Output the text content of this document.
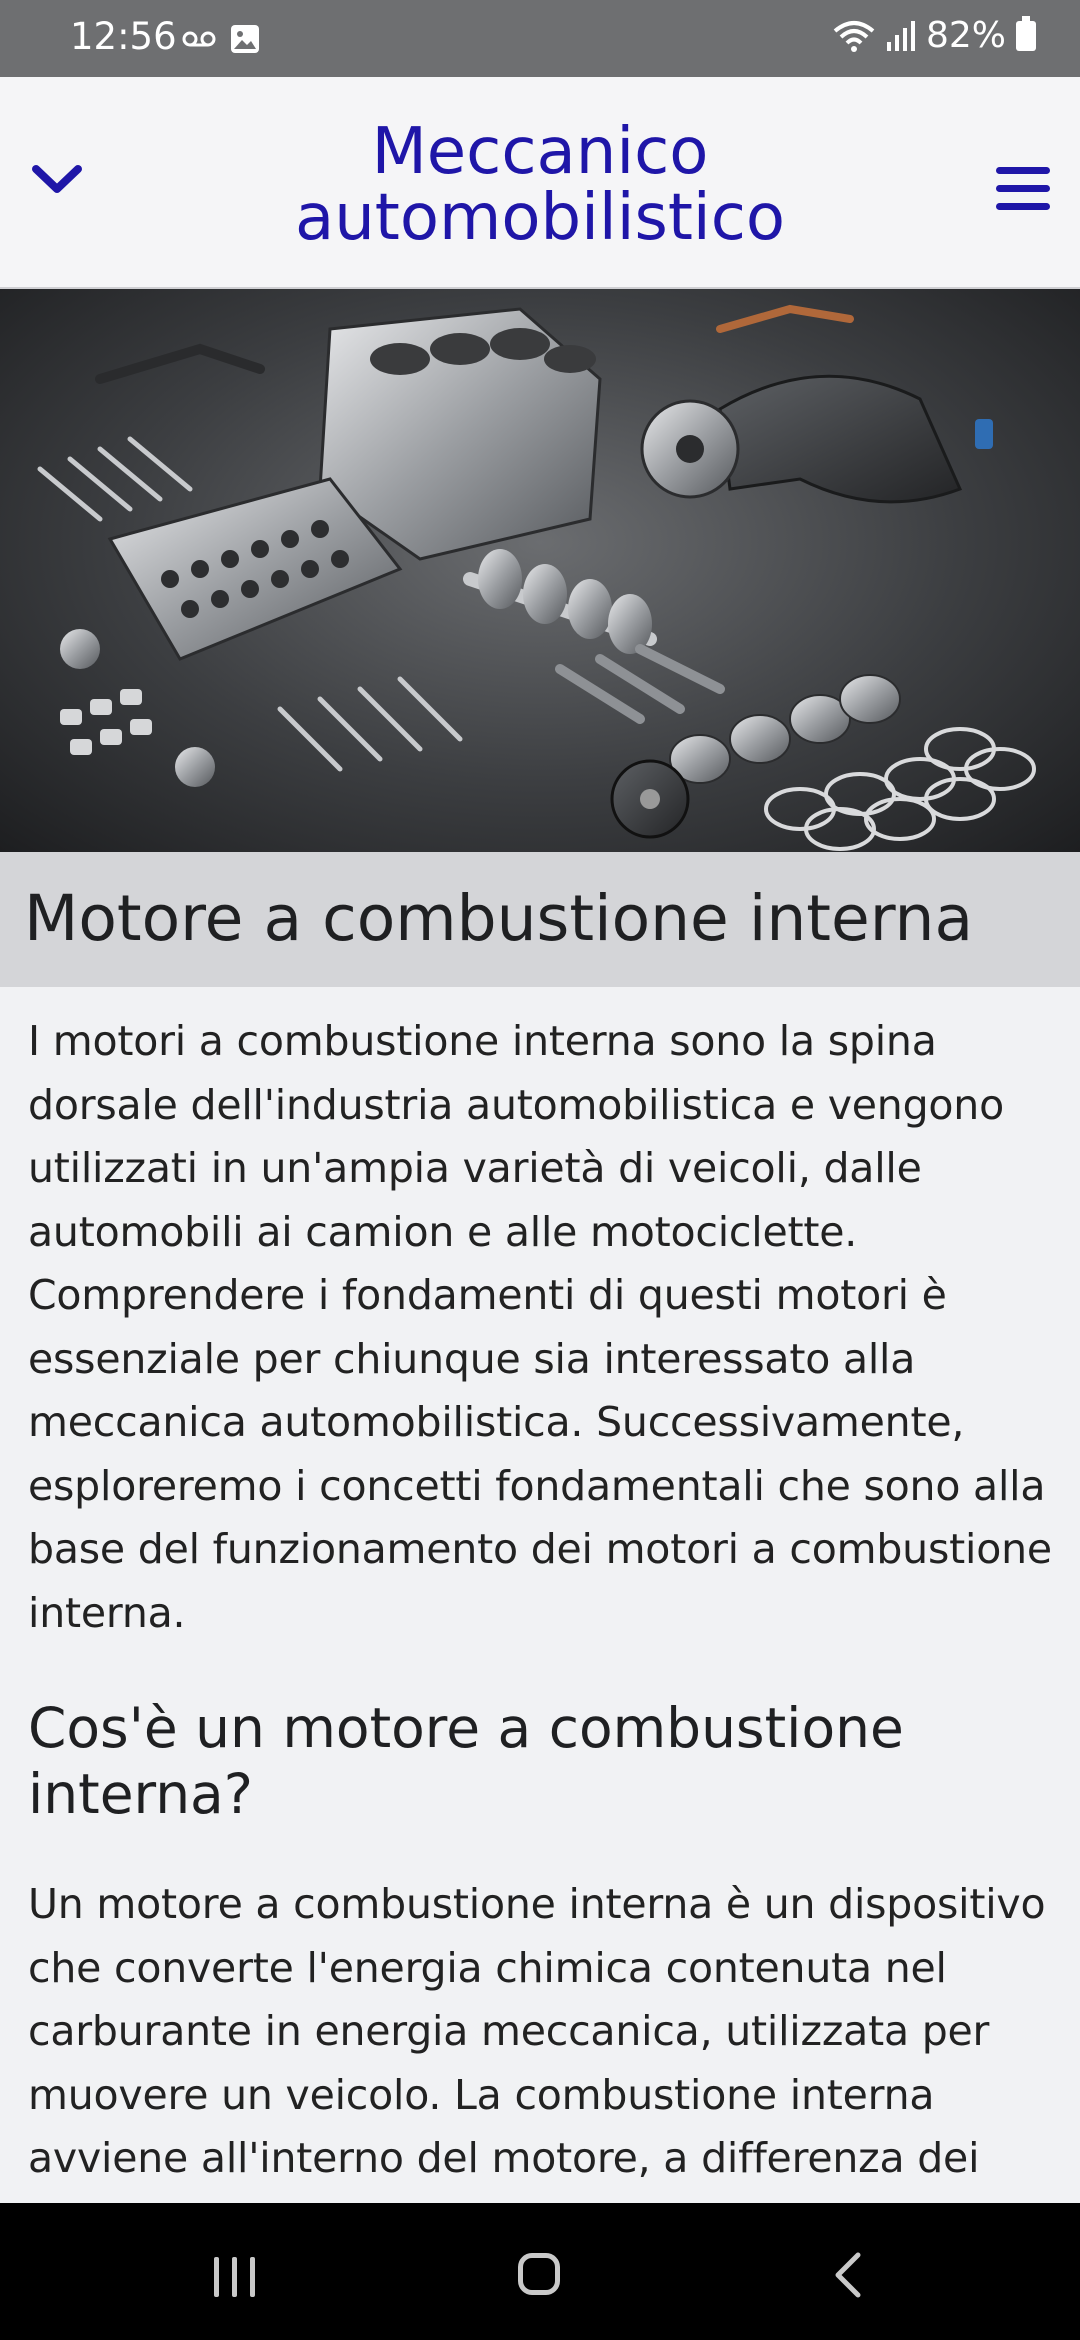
12:56	82%
Meccanico automobilistico
Motore a combustione interna

I motori a combustione interna sono la spina dorsale dell'industria automobilistica e vengono utilizzati in un'ampia varietà di veicoli, dalle automobili ai camion e alle motociclette. Comprendere i fondamenti di questi motori è essenziale per chiunque sia interessato alla meccanica automobilistica. Successivamente, esploreremo i concetti fondamentali che sono alla base del funzionamento dei motori a combustione interna.

Cos'è un motore a combustione interna?

Un motore a combustione interna è un dispositivo che converte l'energia chimica contenuta nel carburante in energia meccanica, utilizzata per muovere un veicolo. La combustione interna avviene all'interno del motore, a differenza dei
